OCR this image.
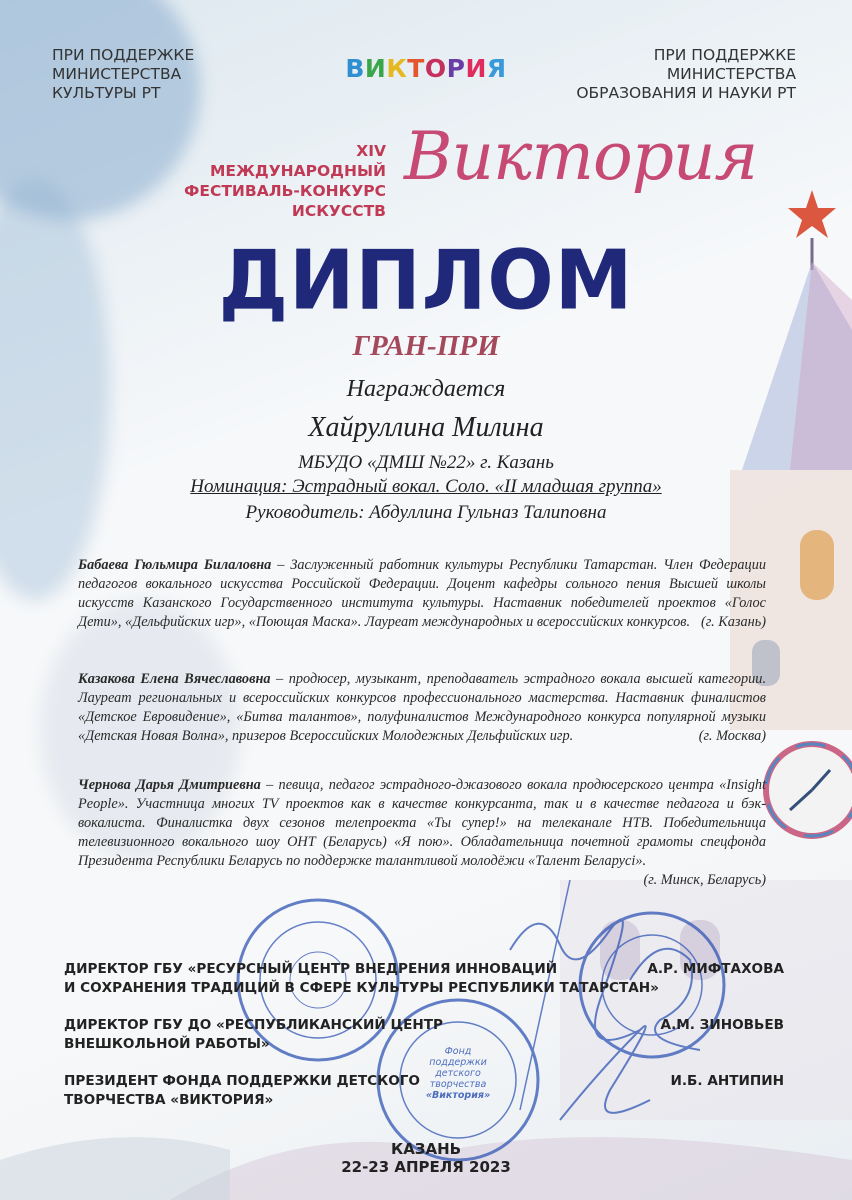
ПРИ ПОДДЕРЖКЕ
МИНИСТЕРСТВА
КУЛЬТУРЫ РТ
ПРИ ПОДДЕРЖКЕ
МИНИСТЕРСТВА
ОБРАЗОВАНИЯ И НАУКИ РТ
ВИКТОРИЯ
XIV МЕЖДУНАРОДНЫЙ
ФЕСТИВАЛЬ-КОНКУРС
ИСКУССТВ
Виктория
ДИПЛОМ
ГРАН-ПРИ
Награждается
Хайруллина Милина
МБУДО «ДМШ №22» г. Казань
Номинация: Эстрадный вокал. Соло. «II младшая группа»
Руководитель: Абдуллина Гульназ Талиповна
Бабаева Гюльмира Билаловна – Заслуженный работник культуры Республики Татарстан. Член Федерации педагогов вокального искусства Российской Федерации. Доцент кафедры сольного пения Высшей школы искусств Казанского Государственного института культуры. Наставник победителей проектов «Голос Дети», «Дельфийских игр», «Поющая Маска». Лауреат международных и всероссийских конкурсов. (г. Казань)
Казакова Елена Вячеславовна – продюсер, музыкант, преподаватель эстрадного вокала высшей категории. Лауреат региональных и всероссийских конкурсов профессионального мастерства. Наставник финалистов «Детское Евровидение», «Битва талантов», полуфиналистов Международного конкурса популярной музыки «Детская Новая Волна», призеров Всероссийских Молодежных Дельфийских игр.	(г. Москва)
Чернова Дарья Дмитриевна – певица, педагог эстрадного-джазового вокала продюсерского центра «Insight People». Участница многих TV проектов как в качестве конкурсанта, так и в качестве педагога и бэк-вокалиста. Финалистка двух сезонов телепроекта «Ты супер!» на телеканале НТВ. Победительница телевизионного вокального шоу ОНТ (Беларусь) «Я пою». Обладательница почетной грамоты спецфонда Президента Республики Беларусь по поддержке талантливой молодёжи «Талент Беларусі».
(г. Минск, Беларусь)
Фонд
поддержки
детского
творчества
«Виктория»
ДИРЕКТОР ГБУ «РЕСУРСНЫЙ ЦЕНТР ВНЕДРЕНИЯ ИННОВАЦИЙ
И СОХРАНЕНИЯ ТРАДИЦИЙ В СФЕРЕ КУЛЬТУРЫ РЕСПУБЛИКИ ТАТАРСТАН»
А.Р. МИФТАХОВА
ДИРЕКТОР ГБУ ДО «РЕСПУБЛИКАНСКИЙ ЦЕНТР
ВНЕШКОЛЬНОЙ РАБОТЫ»
А.М. ЗИНОВЬЕВ
ПРЕЗИДЕНТ ФОНДА ПОДДЕРЖКИ ДЕТСКОГО
ТВОРЧЕСТВА «ВИКТОРИЯ»
И.Б. АНТИПИН
КАЗАНЬ
22-23 АПРЕЛЯ 2023
